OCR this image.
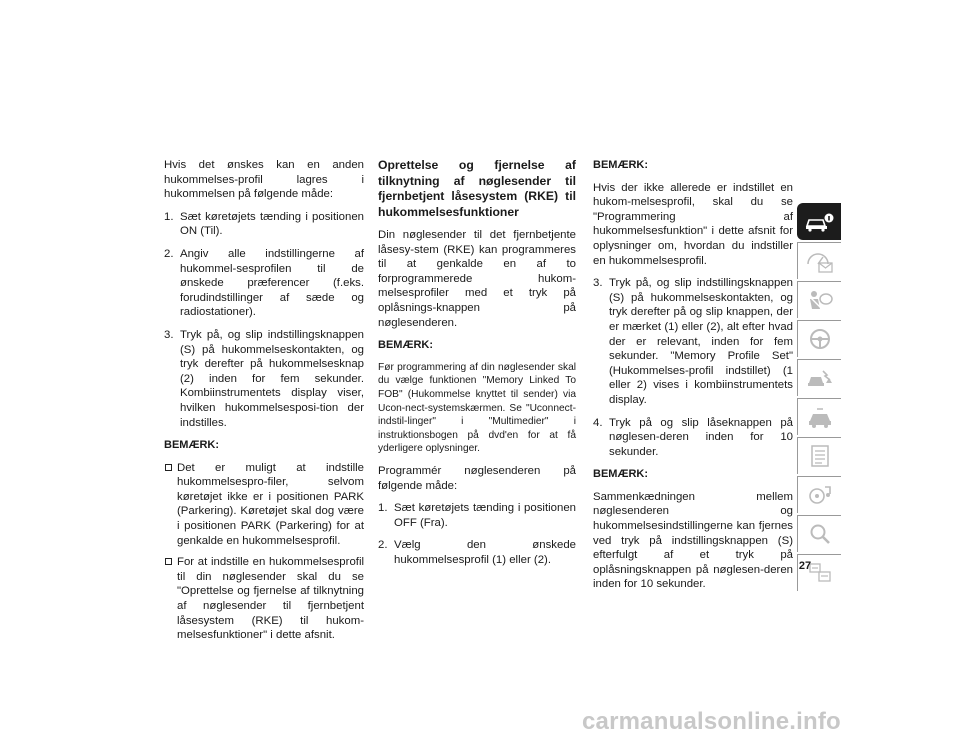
Hvis det ønskes kan en anden hukommelses-profil lagres i hukommelsen på følgende måde:

1. Sæt køretøjets tænding i positionen ON (Til).
2. Angiv alle indstillingerne af hukommel-sesprofilen til de ønskede præferencer (f.eks. forudindstillinger af sæde og radiostationer).
3. Tryk på, og slip indstillingsknappen (S) på hukommelseskontakten, og tryk derefter på hukommelsesknap (2) inden for fem sekunder. Kombiinstrumentets display viser, hvilken hukommelsesposi-tion der indstilles.

BEMÆRK:

Det er muligt at indstille hukommelsespro-filer, selvom køretøjet ikke er i positionen PARK (Parkering). Køretøjet skal dog være i positionen PARK (Parkering) for at genkalde en hukommelsesprofil.
For at indstille en hukommelsesprofil til din nøglesender skal du se "Oprettelse og fjernelse af tilknytning af nøglesender til fjernbetjent låsesystem (RKE) til hukom-melsesfunktioner" i dette afsnit.

Oprettelse og fjernelse af tilknytning af nøglesender til fjernbetjent låsesystem (RKE) til hukommelsesfunktioner

Din nøglesender til det fjernbetjente låsesy-stem (RKE) kan programmeres til at genkalde en af to forprogrammerede hukom-melsesprofiler med et tryk på oplåsnings-knappen på nøglesenderen.

BEMÆRK:

Før programmering af din nøglesender skal du vælge funktionen "Memory Linked To FOB" (Hukommelse knyttet til sender) via Ucon-nect-systemskærmen. Se "Uconnect-indstil-linger" i "Multimedier" i instruktionsbogen på dvd'en for at få yderligere oplysninger.

Programmér nøglesenderen på følgende måde:

1. Sæt køretøjets tænding i positionen OFF (Fra).
2. Vælg den ønskede hukommelsesprofil (1) eller (2).

BEMÆRK:

Hvis der ikke allerede er indstillet en hukom-melsesprofil, skal du se "Programmering af hukommelsesfunktion" i dette afsnit for oplysninger om, hvordan du indstiller en hukommelsesprofil.

3. Tryk på, og slip indstillingsknappen (S) på hukommelseskontakten, og tryk derefter på og slip knappen, der er mærket (1) eller (2), alt efter hvad der er relevant, inden for fem sekunder. "Memory Profile Set" (Hukommelses-profil indstillet) (1 eller 2) vises i kombiinstrumentets display.
4. Tryk på og slip låseknappen på nøglesen-deren inden for 10 sekunder.

BEMÆRK:

Sammenkædningen mellem nøglesenderen og hukommelsesindstillingerne kan fjernes ved tryk på indstillingsknappen (S) efterfulgt af et tryk på oplåsningsknappen på nøglesen-deren inden for 10 sekunder.

27
carmanualsonline.info
